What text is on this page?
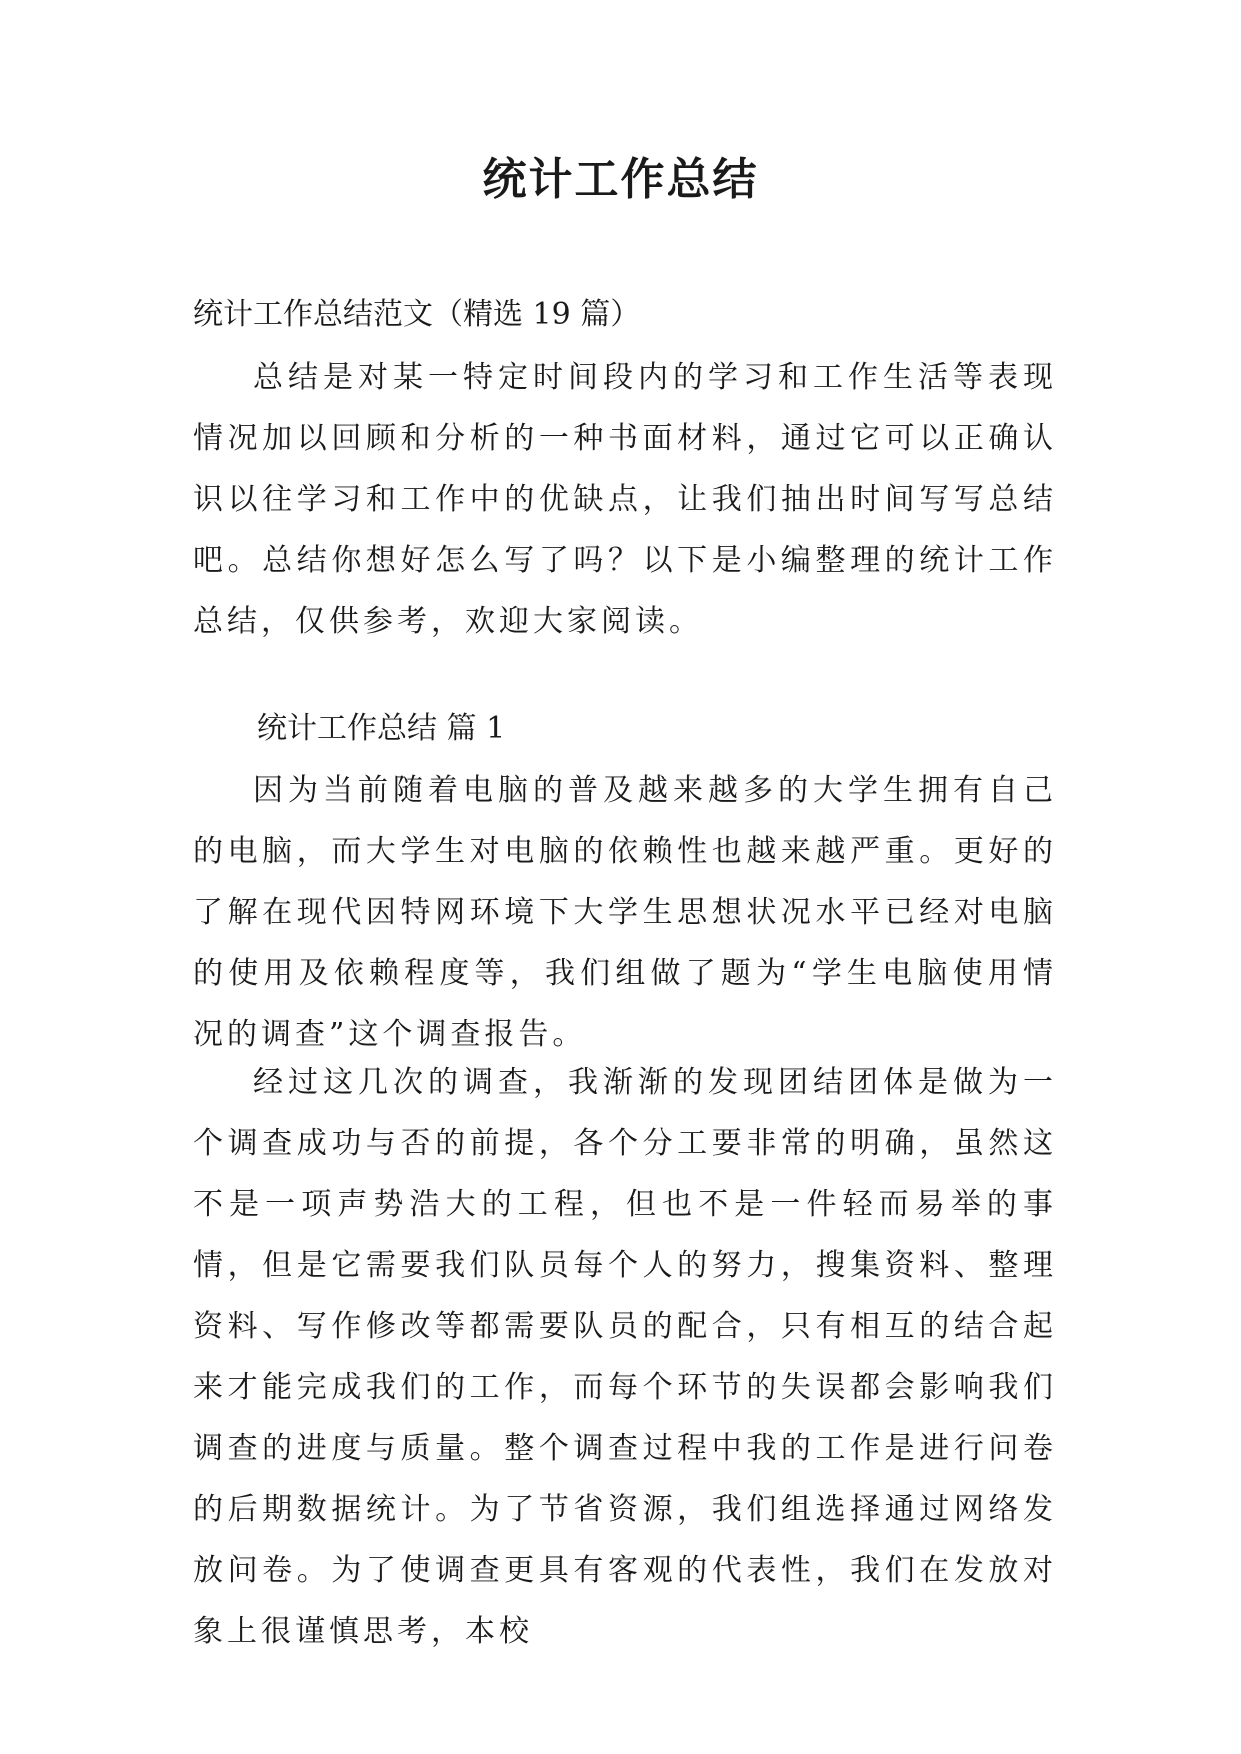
统计工作总结
统计工作总结范文（精选 19 篇）

总结是对某一特定时间段内的学习和工作生活等表现情况加以回顾和分析的一种书面材料，通过它可以正确认识以往学习和工作中的优缺点，让我们抽出时间写写总结吧。总结你想好怎么写了吗？以下是小编整理的统计工作总结，仅供参考，欢迎大家阅读。

统计工作总结 篇 1

因为当前随着电脑的普及越来越多的大学生拥有自己的电脑，而大学生对电脑的依赖性也越来越严重。更好的了解在现代因特网环境下大学生思想状况水平已经对电脑的使用及依赖程度等，我们组做了题为“学生电脑使用情况的调查”这个调查报告。

经过这几次的调查，我渐渐的发现团结团体是做为一个调查成功与否的前提，各个分工要非常的明确，虽然这不是一项声势浩大的工程，但也不是一件轻而易举的事情，但是它需要我们队员每个人的努力，搜集资料、整理资料、写作修改等都需要队员的配合，只有相互的结合起来才能完成我们的工作，而每个环节的失误都会影响我们调查的进度与质量。整个调查过程中我的工作是进行问卷的后期数据统计。为了节省资源，我们组选择通过网络发放问卷。为了使调查更具有客观的代表性，我们在发放对象上很谨慎思考，本校
